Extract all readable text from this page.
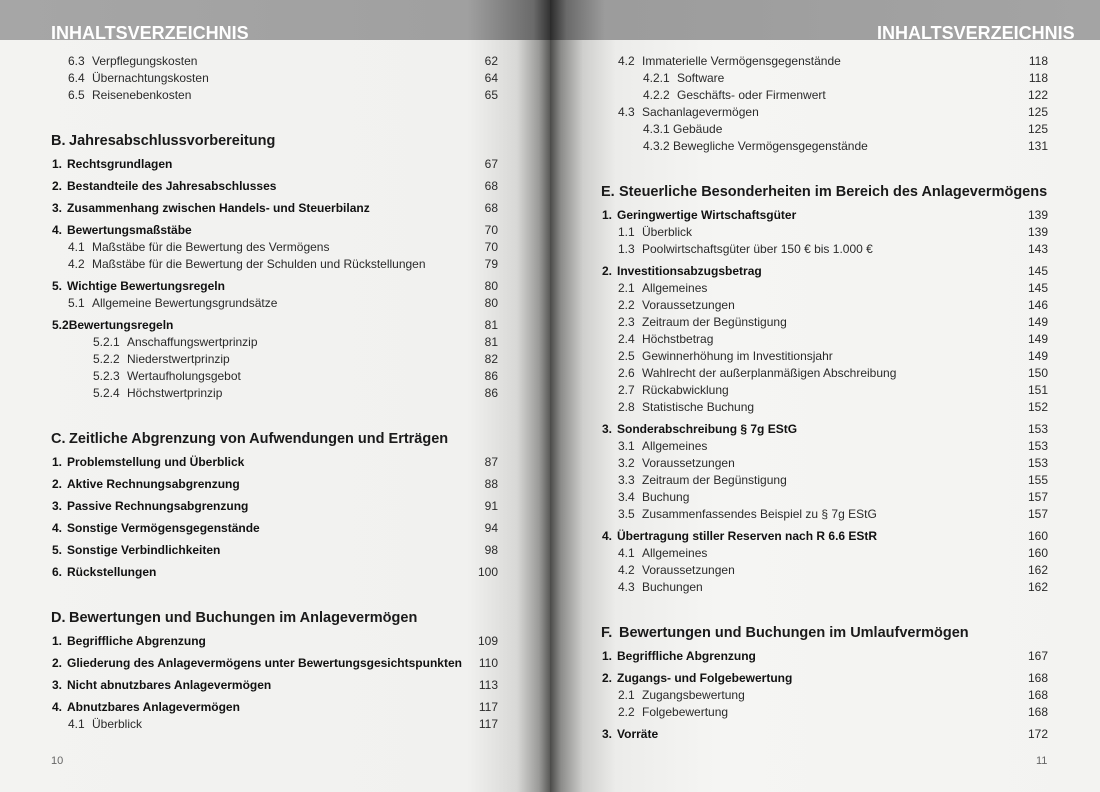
INHALTSVERZEICHNIS
10
6.3 Verpflegungskosten	62
6.4 Übernachtungskosten	64
6.5 Reisenebenkosten	65
B. Jahresabschlussvorbereitung
1. Rechtsgrundlagen	67
2. Bestandteile des Jahresabschlusses	68
3. Zusammenhang zwischen Handels- und Steuerbilanz	68
4. Bewertungsmaßstäbe	70
4.1 Maßstäbe für die Bewertung des Vermögens	70
4.2 Maßstäbe für die Bewertung der Schulden und Rückstellungen	79
5. Wichtige Bewertungsregeln	80
5.1 Allgemeine Bewertungsgrundsätze	80
5.2Bewertungsregeln	81
5.2.1 Anschaffungswertprinzip	81
5.2.2 Niederstwertprinzip	82
5.2.3 Wertaufholungsgebot	86
5.2.4 Höchstwertprinzip	86
C. Zeitliche Abgrenzung von Aufwendungen und Erträgen
1. Problemstellung und Überblick	87
2. Aktive Rechnungsabgrenzung	88
3. Passive Rechnungsabgrenzung	91
4. Sonstige Vermögensgegenstände	94
5. Sonstige Verbindlichkeiten	98
6. Rückstellungen	100
D. Bewertungen und Buchungen im Anlagevermögen
1. Begriffliche Abgrenzung	109
2. Gliederung des Anlagevermögens unter Bewertungsgesichtspunkten	110
3. Nicht abnutzbares Anlagevermögen	113
4. Abnutzbares Anlagevermögen	117
4.1 Überblick	117
INHALTSVERZEICHNIS
11
4.2 Immaterielle Vermögensgegenstände	118
4.2.1 Software	118
4.2.2 Geschäfts- oder Firmenwert	122
4.3 Sachanlagevermögen	125
4.3.1 Gebäude	125
4.3.2 Bewegliche Vermögensgegenstände	131
E. Steuerliche Besonderheiten im Bereich des Anlagevermögens
1. Geringwertige Wirtschaftsgüter	139
1.1 Überblick	139
1.3 Poolwirtschaftsgüter über 150 € bis 1.000 €	143
2. Investitionsabzugsbetrag	145
2.1 Allgemeines	145
2.2 Voraussetzungen	146
2.3 Zeitraum der Begünstigung	149
2.4 Höchstbetrag	149
2.5 Gewinnerhöhung im Investitionsjahr	149
2.6 Wahlrecht der außerplanmäßigen Abschreibung	150
2.7 Rückabwicklung	151
2.8 Statistische Buchung	152
3. Sonderabschreibung § 7g EStG	153
3.1 Allgemeines	153
3.2 Voraussetzungen	153
3.3 Zeitraum der Begünstigung	155
3.4 Buchung	157
3.5 Zusammenfassendes Beispiel zu § 7g EStG	157
4. Übertragung stiller Reserven nach R 6.6 EStR	160
4.1 Allgemeines	160
4.2 Voraussetzungen	162
4.3 Buchungen	162
F. Bewertungen und Buchungen im Umlaufvermögen
1. Begriffliche Abgrenzung	167
2. Zugangs- und Folgebewertung	168
2.1 Zugangsbewertung	168
2.2 Folgebewertung	168
3. Vorräte	172
